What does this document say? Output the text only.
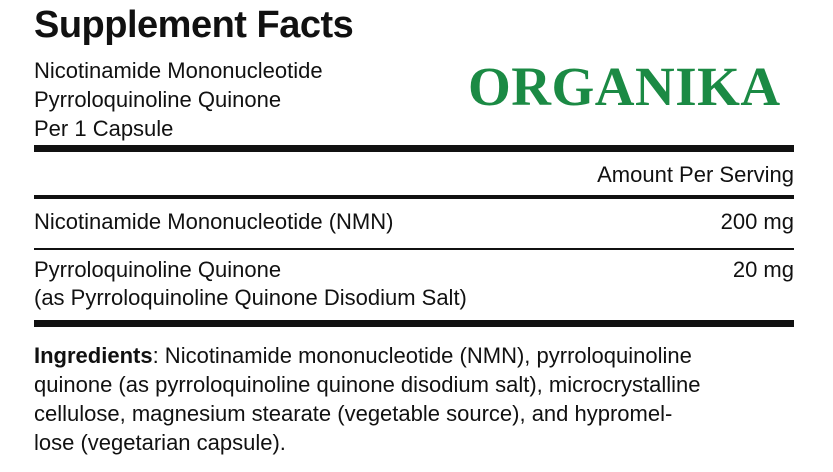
Supplement Facts
Nicotinamide Mononucleotide
Pyrroloquinoline Quinone
Per 1 Capsule
ORGANIKA
Amount Per Serving
Nicotinamide Mononucleotide (NMN)	200 mg
Pyrroloquinoline Quinone
(as Pyrroloquinoline Quinone Disodium Salt)
20 mg
Ingredients: Nicotinamide mononucleotide (NMN), pyrroloquinoline
quinone (as pyrroloquinoline quinone disodium salt), microcrystalline
cellulose, magnesium stearate (vegetable source), and hypromel-
lose (vegetarian capsule).
